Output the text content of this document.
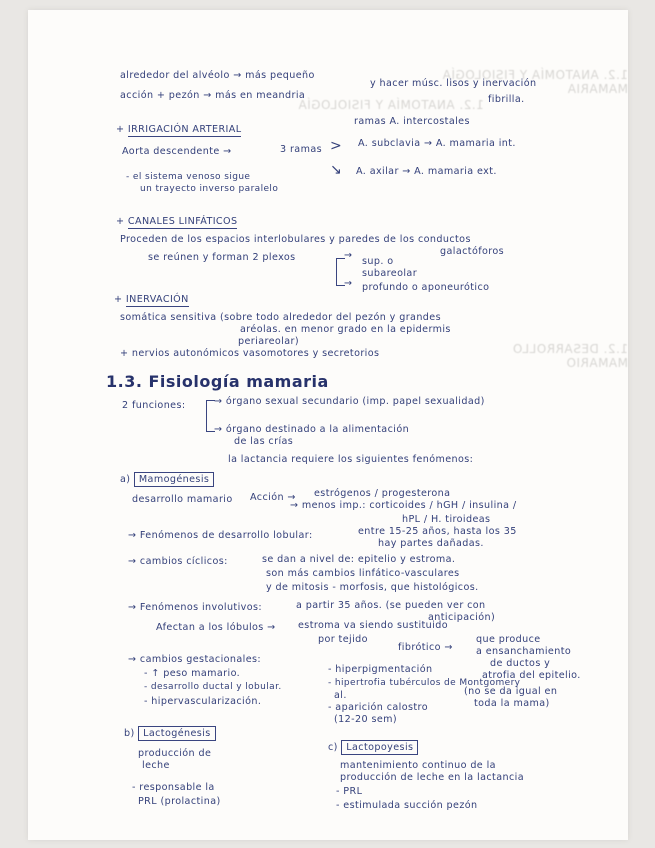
1.2. ANATOMÍA Y FISIOLOGÍA MAMARIA
1.2. ANATOMÍA Y FISIOLOGÍA
1.2. DESARROLLO MAMARIO
alrededor del alvéolo → más pequeño
y hacer músc. lisos y inervación
acción + pezón → más en meandria	fibrilla.
+ IRRIGACIÓN ARTERIAL
Aorta descendente →	3 ramas >
ramas A. intercostales
A. subclavia → A. mamaria int.
↘ A. axilar → A. mamaria ext.
- el sistema venoso sigue
un trayecto inverso paralelo
+ CANALES LINFÁTICOS
Proceden de los espacios interlobulares y paredes de los conductos
galactóforos
se reúnen y forman 2 plexos	→
sup. o
subareolar
→ profundo o aponeurótico
+ INERVACIÓN
somática sensitiva (sobre todo alrededor del pezón y grandes
aréolas. en menor grado en la epidermis
periareolar)
+ nervios autonómicos vasomotores y secretorios
1.3. Fisiología mamaria
2 funciones:	→ órgano sexual secundario (imp. papel sexualidad)
→ órgano destinado a la alimentación
de las crías
la lactancia requiere los siguientes fenómenos:
a) Mamogénesis
desarrollo mamario Acción → estrógenos / progesterona
→ menos imp.: corticoides / hGH / insulina /
hPL / H. tiroideas
→ Fenómenos de desarrollo lobular:	entre 15-25 años, hasta los 35
hay partes dañadas.
→ cambios cíclicos:	se dan a nivel de: epitelio y estroma.
son más cambios linfático-vasculares
y de mitosis - morfosis, que histológicos.
→ Fenómenos involutivos:	a partir 35 años. (se pueden ver con
anticipación)
Afectan a los lóbulos → estroma va siendo sustituido
por tejido
fibrótico →
que produce
a ensanchamiento
de ductos y
atrofia del epitelio.
→ cambios gestacionales:
- ↑ peso mamario.
- desarrollo ductal y lobular.
- hipervascularización.
- hiperpigmentación
- hipertrofia tubérculos de Montgomery
al.
- aparición calostro
(12-20 sem)
(no se da igual en
toda la mama)
b) Lactogénesis
producción de
leche
- responsable la
PRL (prolactina)
c) Lactopoyesis
mantenimiento continuo de la
producción de leche en la lactancia
- PRL
- estimulada succión pezón
